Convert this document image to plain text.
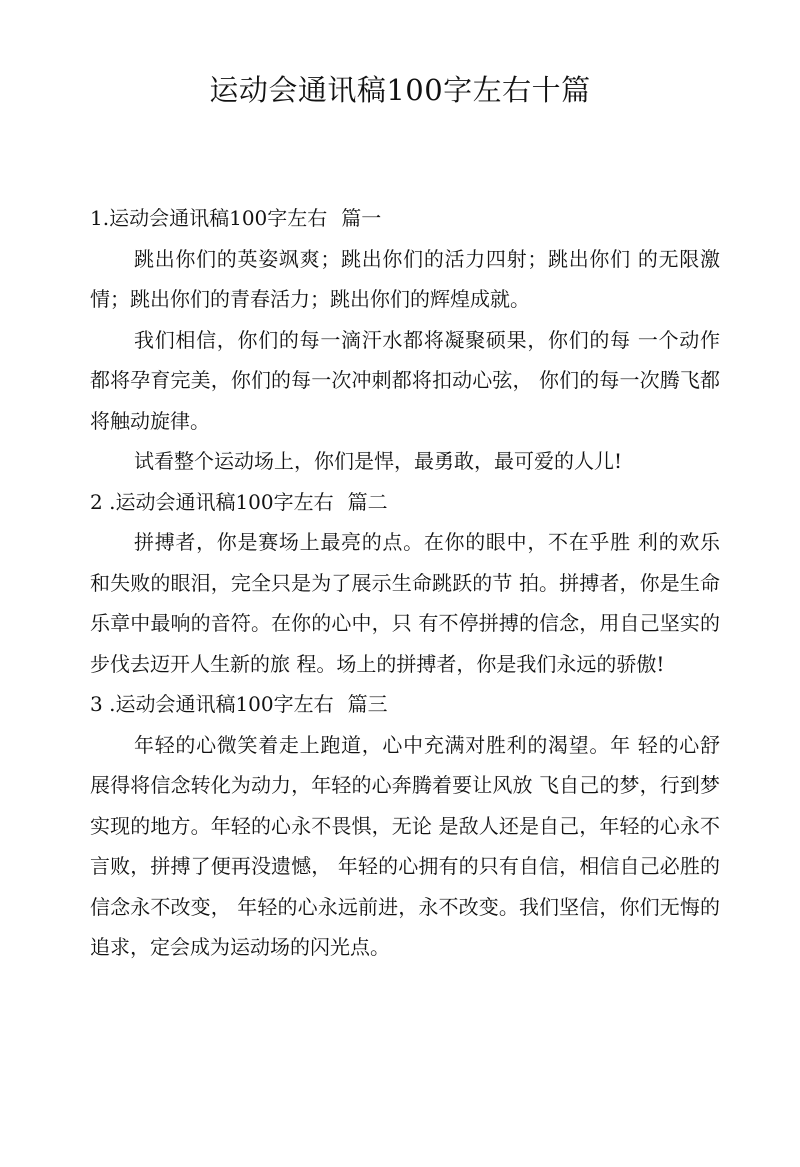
运动会通讯稿100字左右十篇
1.运动会通讯稿100字左右 篇一

跳出你们的英姿飒爽；跳出你们的活力四射；跳出你们 的无限激情；跳出你们的青春活力；跳出你们的辉煌成就。

我们相信，你们的每一滴汗水都将凝聚硕果，你们的每 一个动作都将孕育完美，你们的每一次冲刺都将扣动心弦， 你们的每一次腾飞都将触动旋律。

试看整个运动场上，你们是悍，最勇敢，最可爱的人儿!

2 .运动会通讯稿100字左右 篇二

拼搏者，你是赛场上最亮的点。在你的眼中，不在乎胜 利的欢乐和失败的眼泪，完全只是为了展示生命跳跃的节 拍。拼搏者，你是生命乐章中最响的音符。在你的心中，只 有不停拼搏的信念，用自己坚实的步伐去迈开人生新的旅 程。场上的拼搏者，你是我们永远的骄傲!

3 .运动会通讯稿100字左右 篇三

年轻的心微笑着走上跑道，心中充满对胜利的渴望。年 轻的心舒展得将信念转化为动力，年轻的心奔腾着要让风放 飞自己的梦，行到梦实现的地方。年轻的心永不畏惧，无论 是敌人还是自己，年轻的心永不言败，拼搏了便再没遗憾， 年轻的心拥有的只有自信，相信自己必胜的信念永不改变， 年轻的心永远前进，永不改变。我们坚信，你们无悔的追求，定会成为运动场的闪光点。
